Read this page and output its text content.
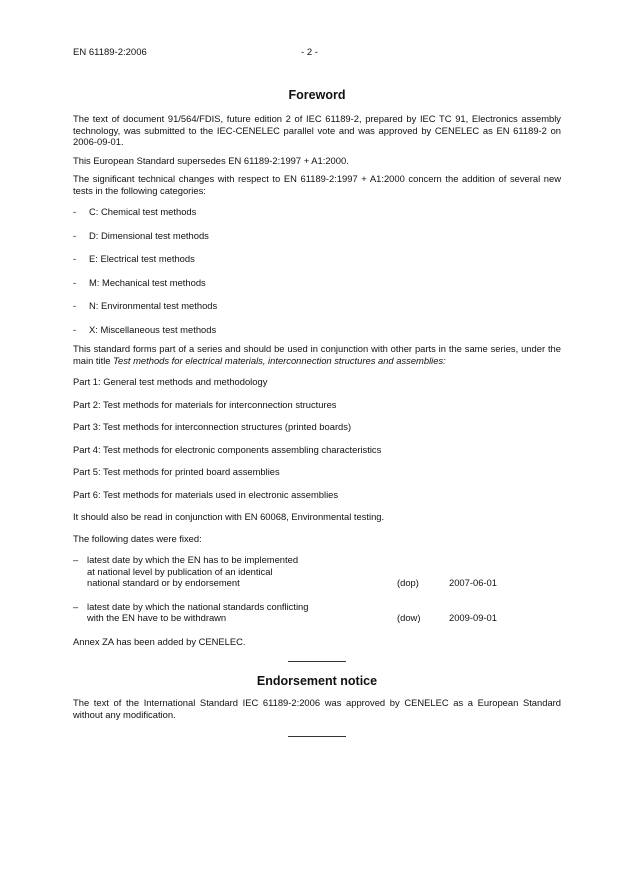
EN 61189-2:2006	- 2 -
Foreword

The text of document 91/564/FDIS, future edition 2 of IEC 61189-2, prepared by IEC TC 91, Electronics assembly technology, was submitted to the IEC-CENELEC parallel vote and was approved by CENELEC as EN 61189-2 on 2006-09-01.

This European Standard supersedes EN 61189-2:1997 + A1:2000.

The significant technical changes with respect to EN 61189-2:1997 + A1:2000 concern the addition of several new tests in the following categories:

-	C: Chemical test methods
-	D: Dimensional test methods
-	E: Electrical test methods
-	M: Mechanical test methods
-	N: Environmental test methods
-	X: Miscellaneous test methods

This standard forms part of a series and should be used in conjunction with other parts in the same series, under the main title Test methods for electrical materials, interconnection structures and assemblies:

Part 1: General test methods and methodology
Part 2: Test methods for materials for interconnection structures
Part 3: Test methods for interconnection structures (printed boards)
Part 4: Test methods for electronic components assembling characteristics
Part 5: Test methods for printed board assemblies
Part 6: Test methods for materials used in electronic assemblies

It should also be read in conjunction with EN 60068, Environmental testing.

The following dates were fixed:

– latest date by which the EN has to be implemented
at national level by publication of an identical
national standard or by endorsement	(dop)	2007-06-01
– latest date by which the national standards conflicting
with the EN have to be withdrawn	(dow)	2009-09-01

Annex ZA has been added by CENELEC.

Endorsement notice

The text of the International Standard IEC 61189-2:2006 was approved by CENELEC as a European Standard without any modification.
